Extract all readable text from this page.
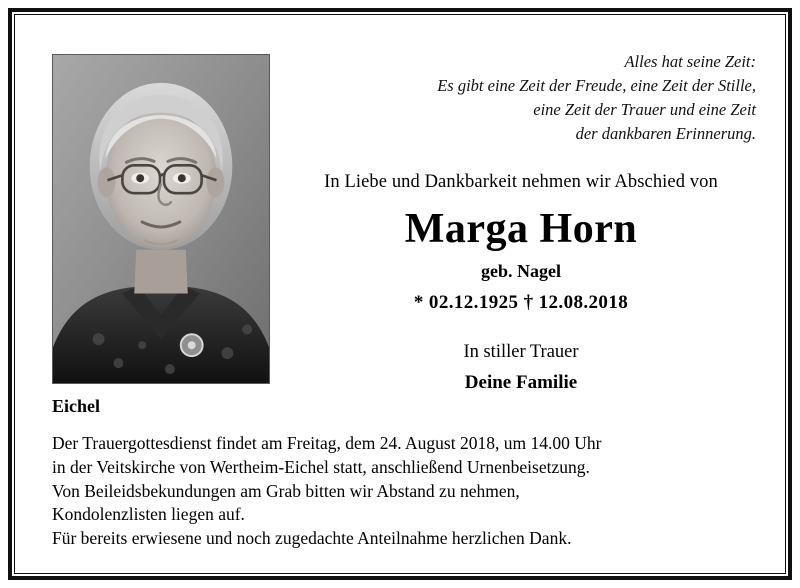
Alles hat seine Zeit:
Es gibt eine Zeit der Freude, eine Zeit der Stille,
eine Zeit der Trauer und eine Zeit
der dankbaren Erinnerung.
In Liebe und Dankbarkeit nehmen wir Abschied von
Marga Horn
geb. Nagel
* 02.12.1925 † 12.08.2018
In stiller Trauer
Deine Familie
Eichel
Der Trauergottesdienst findet am Freitag, dem 24. August 2018, um 14.00 Uhr
in der Veitskirche von Wertheim-Eichel statt, anschließend Urnenbeisetzung.
Von Beileidsbekundungen am Grab bitten wir Abstand zu nehmen,
Kondolenzlisten liegen auf.
Für bereits erwiesene und noch zugedachte Anteilnahme herzlichen Dank.
